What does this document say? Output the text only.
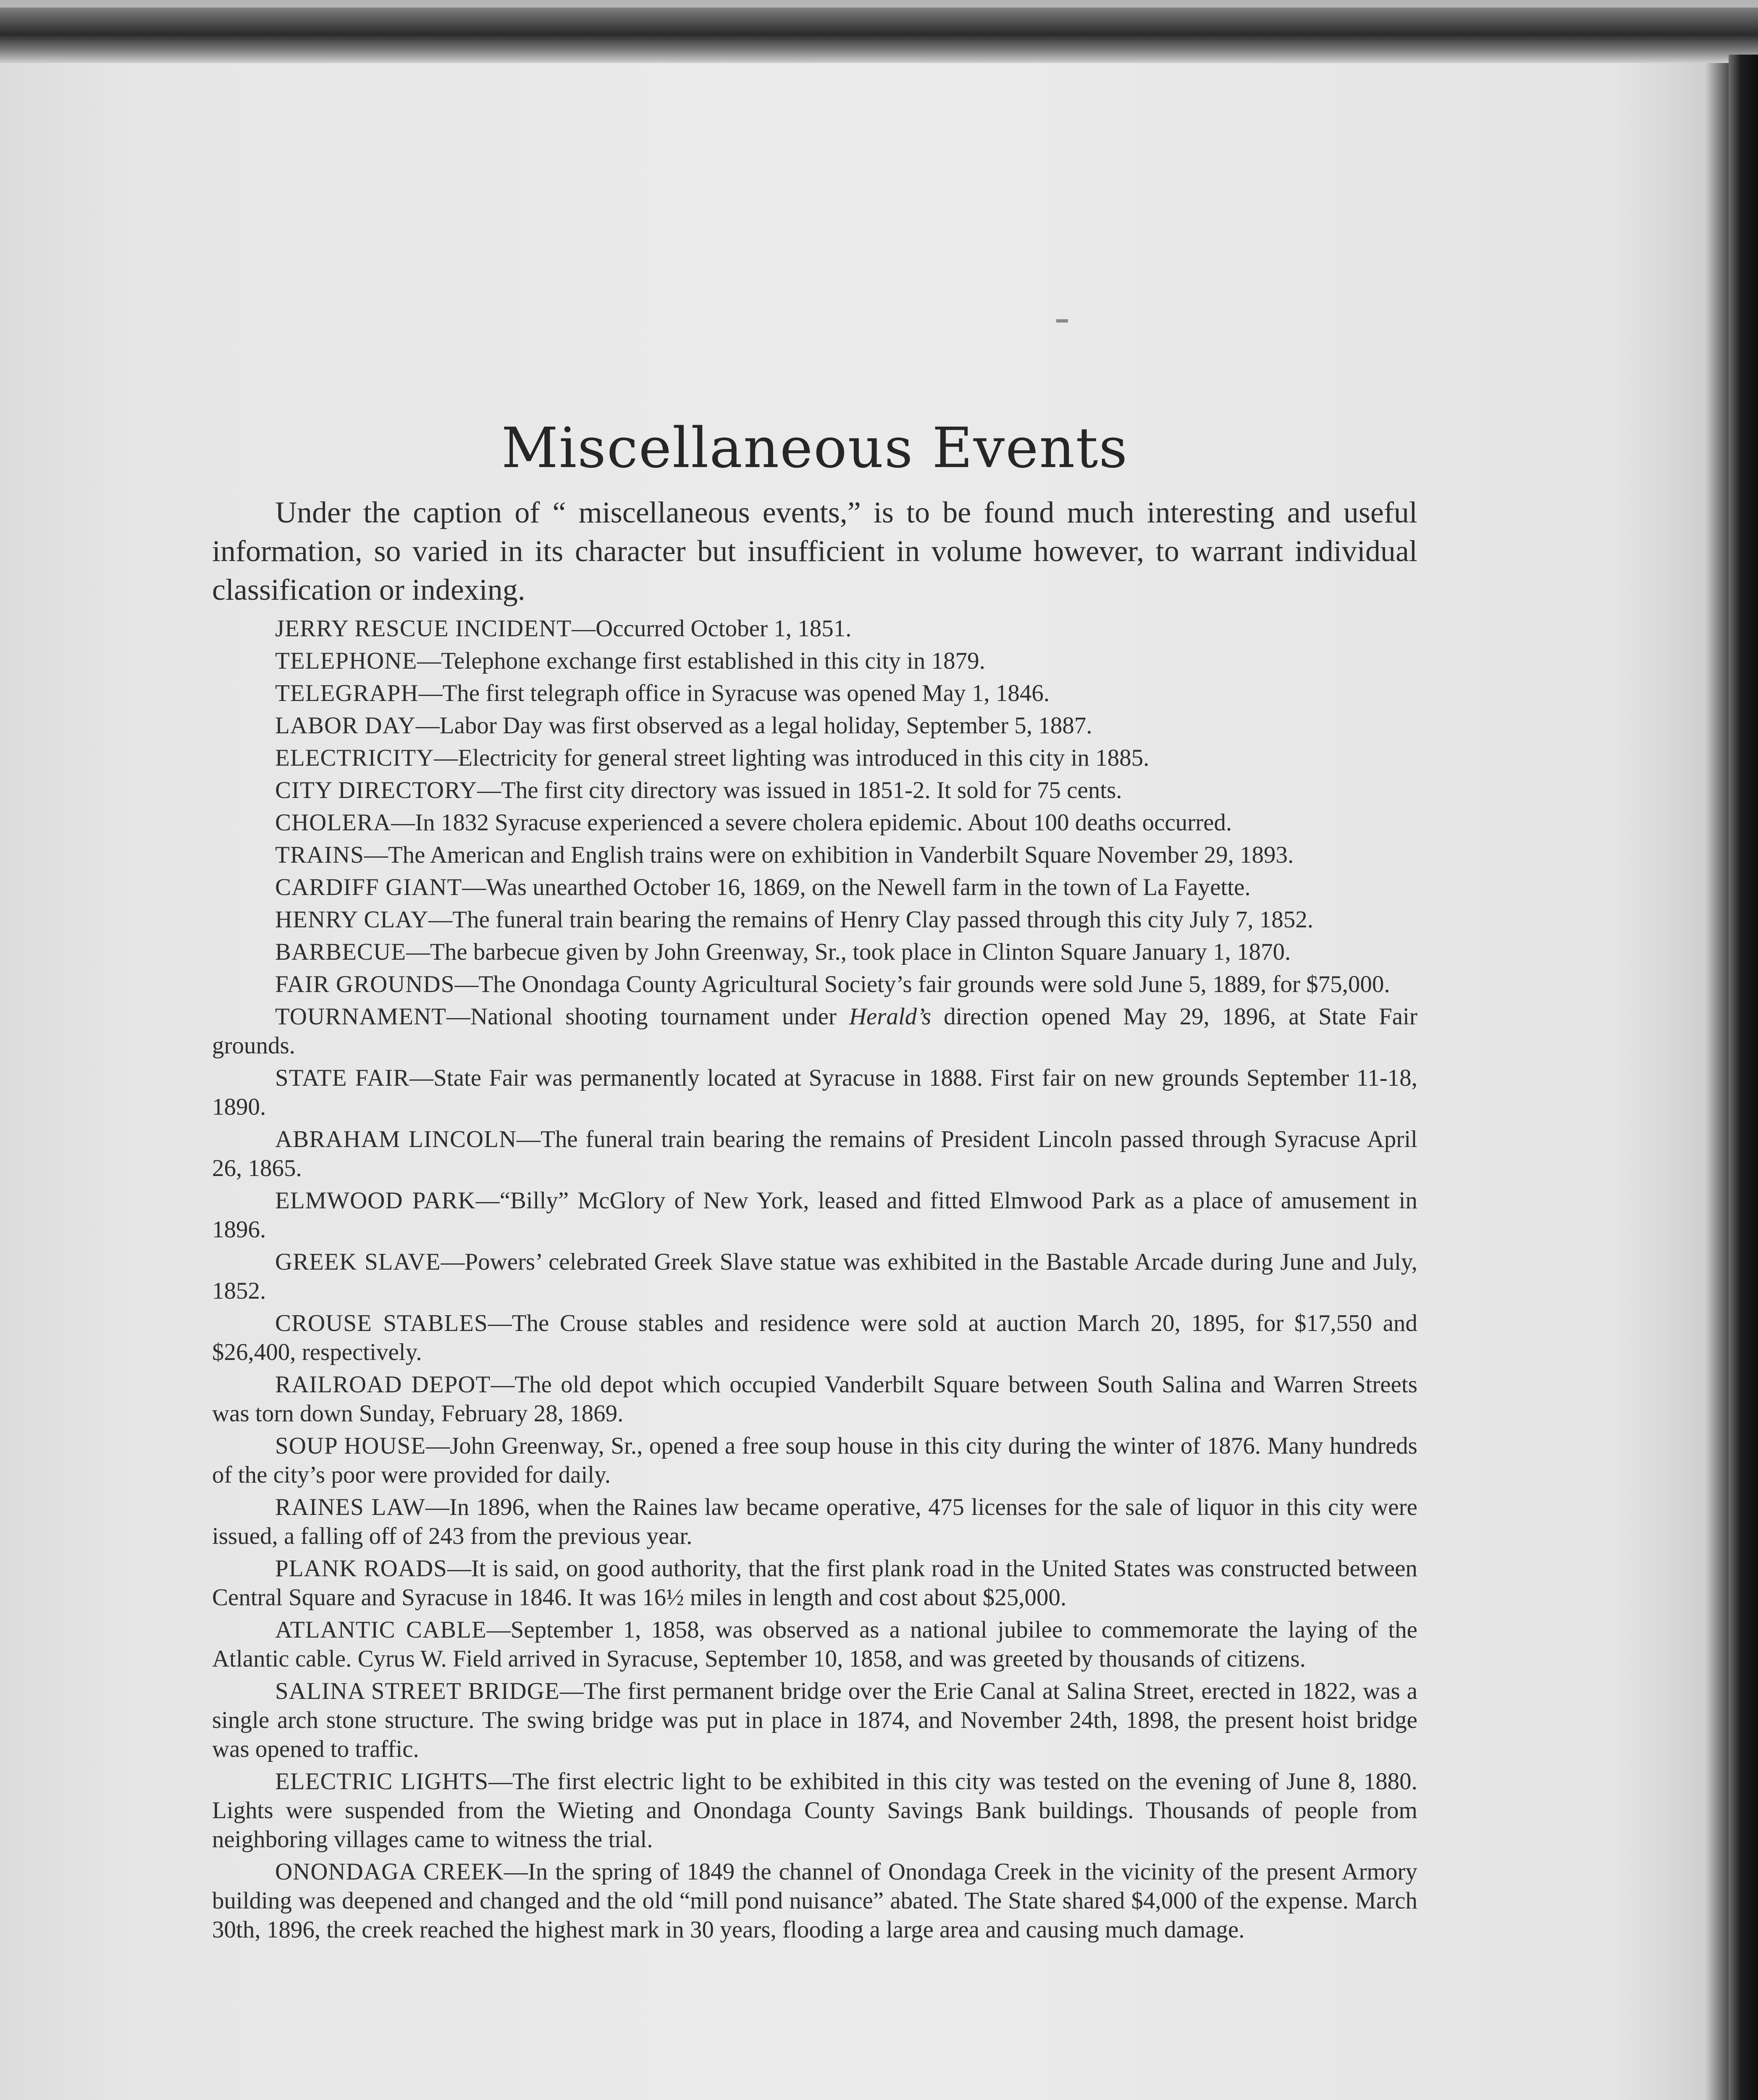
Miscellaneous Events

Under the caption of “ miscellaneous events,” is to be found much interesting and useful information, so varied in its character but insufficient in volume however, to warrant individual classification or indexing.

JERRY RESCUE INCIDENT—Occurred October 1, 1851.

TELEPHONE—Telephone exchange first established in this city in 1879.

TELEGRAPH—The first telegraph office in Syracuse was opened May 1, 1846.

LABOR DAY—Labor Day was first observed as a legal holiday, September 5, 1887.

ELECTRICITY—Electricity for general street lighting was introduced in this city in 1885.

CITY DIRECTORY—The first city directory was issued in 1851-2. It sold for 75 cents.

CHOLERA—In 1832 Syracuse experienced a severe cholera epidemic. About 100 deaths occurred.

TRAINS—The American and English trains were on exhibition in Vanderbilt Square November 29, 1893.

CARDIFF GIANT—Was unearthed October 16, 1869, on the Newell farm in the town of La Fayette.

HENRY CLAY—The funeral train bearing the remains of Henry Clay passed through this city July 7, 1852.

BARBECUE—The barbecue given by John Greenway, Sr., took place in Clinton Square January 1, 1870.

FAIR GROUNDS—The Onondaga County Agricultural Society’s fair grounds were sold June 5, 1889, for $75,000.

TOURNAMENT—National shooting tournament under Herald’s direction opened May 29, 1896, at State Fair grounds.

STATE FAIR—State Fair was permanently located at Syracuse in 1888. First fair on new grounds September 11-18, 1890.

ABRAHAM LINCOLN—The funeral train bearing the remains of President Lincoln passed through Syracuse April 26, 1865.

ELMWOOD PARK—“Billy” McGlory of New York, leased and fitted Elmwood Park as a place of amusement in 1896.

GREEK SLAVE—Powers’ celebrated Greek Slave statue was exhibited in the Bastable Arcade during June and July, 1852.

CROUSE STABLES—The Crouse stables and residence were sold at auction March 20, 1895, for $17,550 and $26,400, respectively.

RAILROAD DEPOT—The old depot which occupied Vanderbilt Square between South Salina and Warren Streets was torn down Sunday, February 28, 1869.

SOUP HOUSE—John Greenway, Sr., opened a free soup house in this city during the winter of 1876. Many hundreds of the city’s poor were provided for daily.

RAINES LAW—In 1896, when the Raines law became operative, 475 licenses for the sale of liquor in this city were issued, a falling off of 243 from the previous year.

PLANK ROADS—It is said, on good authority, that the first plank road in the United States was constructed between Central Square and Syracuse in 1846. It was 16½ miles in length and cost about $25,000.

ATLANTIC CABLE—September 1, 1858, was observed as a national jubilee to commemorate the laying of the Atlantic cable. Cyrus W. Field arrived in Syracuse, September 10, 1858, and was greeted by thousands of citizens.

SALINA STREET BRIDGE—The first permanent bridge over the Erie Canal at Salina Street, erected in 1822, was a single arch stone structure. The swing bridge was put in place in 1874, and November 24th, 1898, the present hoist bridge was opened to traffic.

ELECTRIC LIGHTS—The first electric light to be exhibited in this city was tested on the evening of June 8, 1880. Lights were suspended from the Wieting and Onondaga County Savings Bank buildings. Thousands of people from neighboring villages came to witness the trial.

ONONDAGA CREEK—In the spring of 1849 the channel of Onondaga Creek in the vicinity of the present Armory building was deepened and changed and the old “mill pond nuisance” abated. The State shared $4,000 of the expense. March 30th, 1896, the creek reached the highest mark in 30 years, flooding a large area and causing much damage.
